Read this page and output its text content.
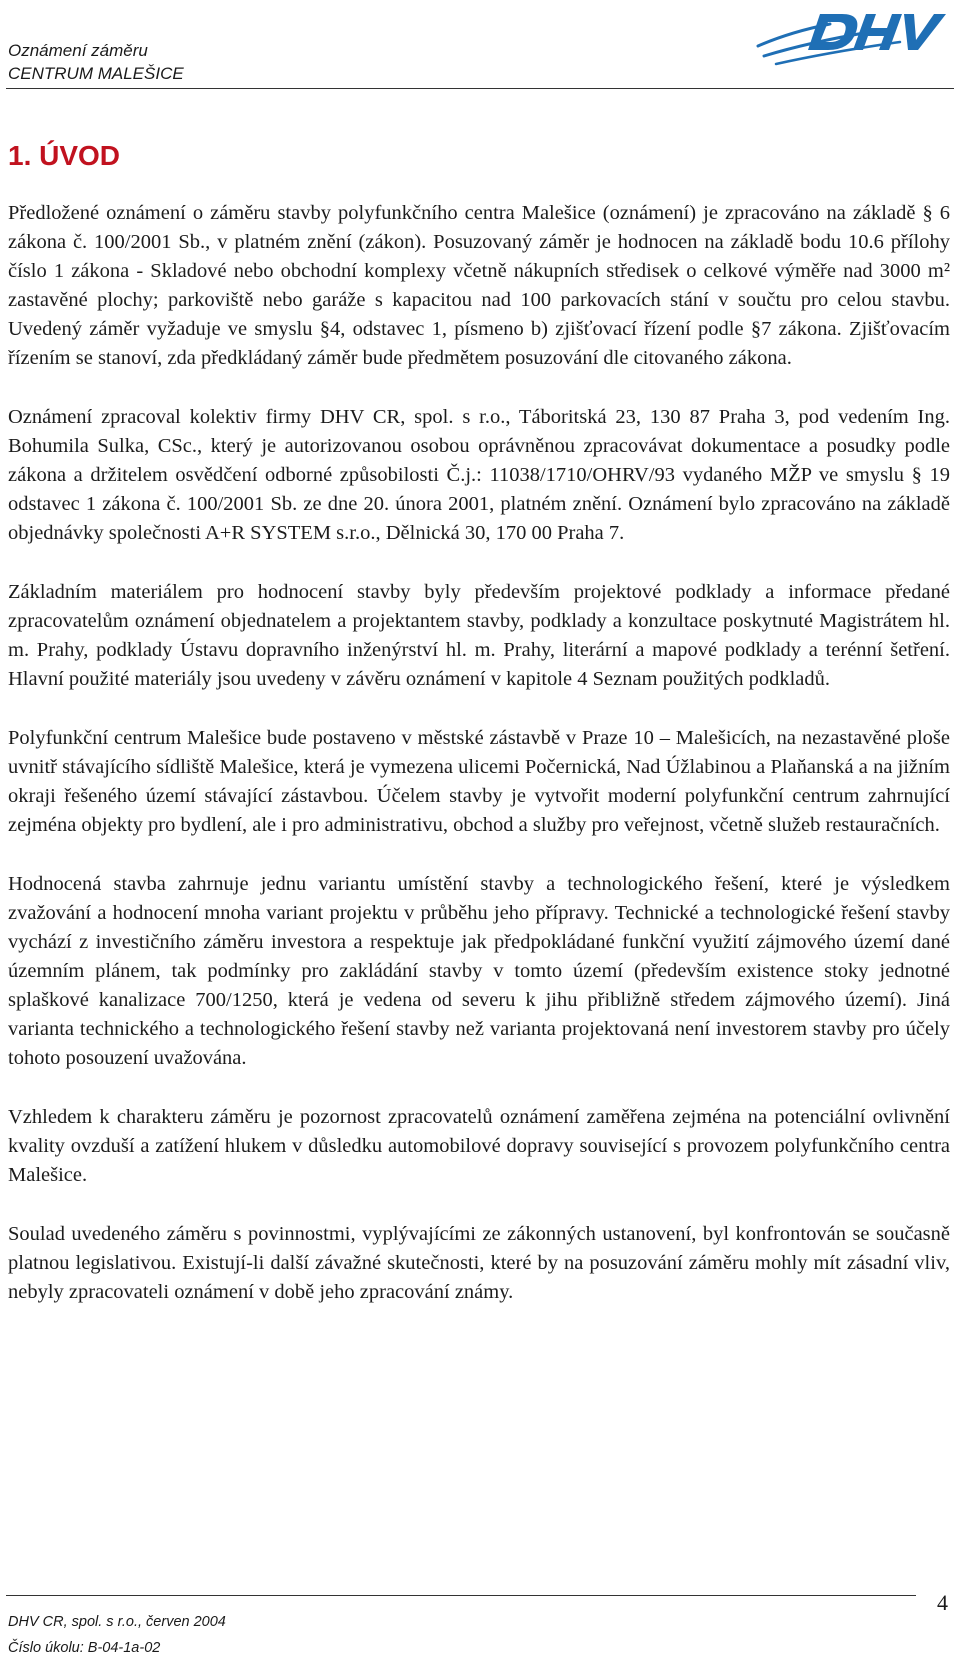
Oznámení záměru
CENTRUM MALEŠICE
1. ÚVOD

Předložené oznámení o záměru stavby polyfunkčního centra Malešice (oznámení) je zpracováno na základě § 6 zákona č. 100/2001 Sb., v platném znění (zákon). Posuzovaný záměr je hodnocen na základě bodu 10.6 přílohy číslo 1 zákona - Skladové nebo obchodní komplexy včetně nákupních středisek o celkové výměře nad 3000 m² zastavěné plochy; parkoviště nebo garáže s kapacitou nad 100 parkovacích stání v součtu pro celou stavbu. Uvedený záměr vyžaduje ve smyslu §4, odstavec 1, písmeno b) zjišťovací řízení podle §7 zákona. Zjišťovacím řízením se stanoví, zda předkládaný záměr bude předmětem posuzování dle citovaného zákona.

Oznámení zpracoval kolektiv firmy DHV CR, spol. s r.o., Táboritská 23, 130 87 Praha 3, pod vedením Ing. Bohumila Sulka, CSc., který je autorizovanou osobou oprávněnou zpracovávat dokumentace a posudky podle zákona a držitelem osvědčení odborné způsobilosti Č.j.: 11038/1710/OHRV/93 vydaného MŽP ve smyslu § 19 odstavec 1 zákona č. 100/2001 Sb. ze dne 20. února 2001, platném znění. Oznámení bylo zpracováno na základě objednávky společnosti A+R SYSTEM s.r.o., Dělnická 30, 170 00 Praha 7.

Základním materiálem pro hodnocení stavby byly především projektové podklady a informace předané zpracovatelům oznámení objednatelem a projektantem stavby, podklady a konzultace poskytnuté Magistrátem hl. m. Prahy, podklady Ústavu dopravního inženýrství hl. m. Prahy, literární a mapové podklady a terénní šetření. Hlavní použité materiály jsou uvedeny v závěru oznámení v kapitole 4 Seznam použitých podkladů.

Polyfunkční centrum Malešice bude postaveno v městské zástavbě v Praze 10 – Malešicích, na nezastavěné ploše uvnitř stávajícího sídliště Malešice, která je vymezena ulicemi Počernická, Nad Úžlabinou a Plaňanská a na jižním okraji řešeného území stávající zástavbou. Účelem stavby je vytvořit moderní polyfunkční centrum zahrnující zejména objekty pro bydlení, ale i pro administrativu, obchod a služby pro veřejnost, včetně služeb restauračních.

Hodnocená stavba zahrnuje jednu variantu umístění stavby a technologického řešení, které je výsledkem zvažování a hodnocení mnoha variant projektu v průběhu jeho přípravy. Technické a technologické řešení stavby vychází z investičního záměru investora a respektuje jak předpokládané funkční využití zájmového území dané územním plánem, tak podmínky pro zakládání stavby v tomto území (především existence stoky jednotné splaškové kanalizace 700/1250, která je vedena od severu k jihu přibližně středem zájmového území). Jiná varianta technického a technologického řešení stavby než varianta projektovaná není investorem stavby pro účely tohoto posouzení uvažována.

Vzhledem k charakteru záměru je pozornost zpracovatelů oznámení zaměřena zejména na potenciální ovlivnění kvality ovzduší a zatížení hlukem v důsledku automobilové dopravy související s provozem polyfunkčního centra Malešice.

Soulad uvedeného záměru s povinnostmi, vyplývajícími ze zákonných ustanovení, byl konfrontován se současně platnou legislativou. Existují-li další závažné skutečnosti, které by na posuzování záměru mohly mít zásadní vliv, nebyly zpracovateli oznámení v době jeho zpracování známy.

DHV CR, spol. s r.o., červen 2004
Číslo úkolu: B-04-1a-02
4
